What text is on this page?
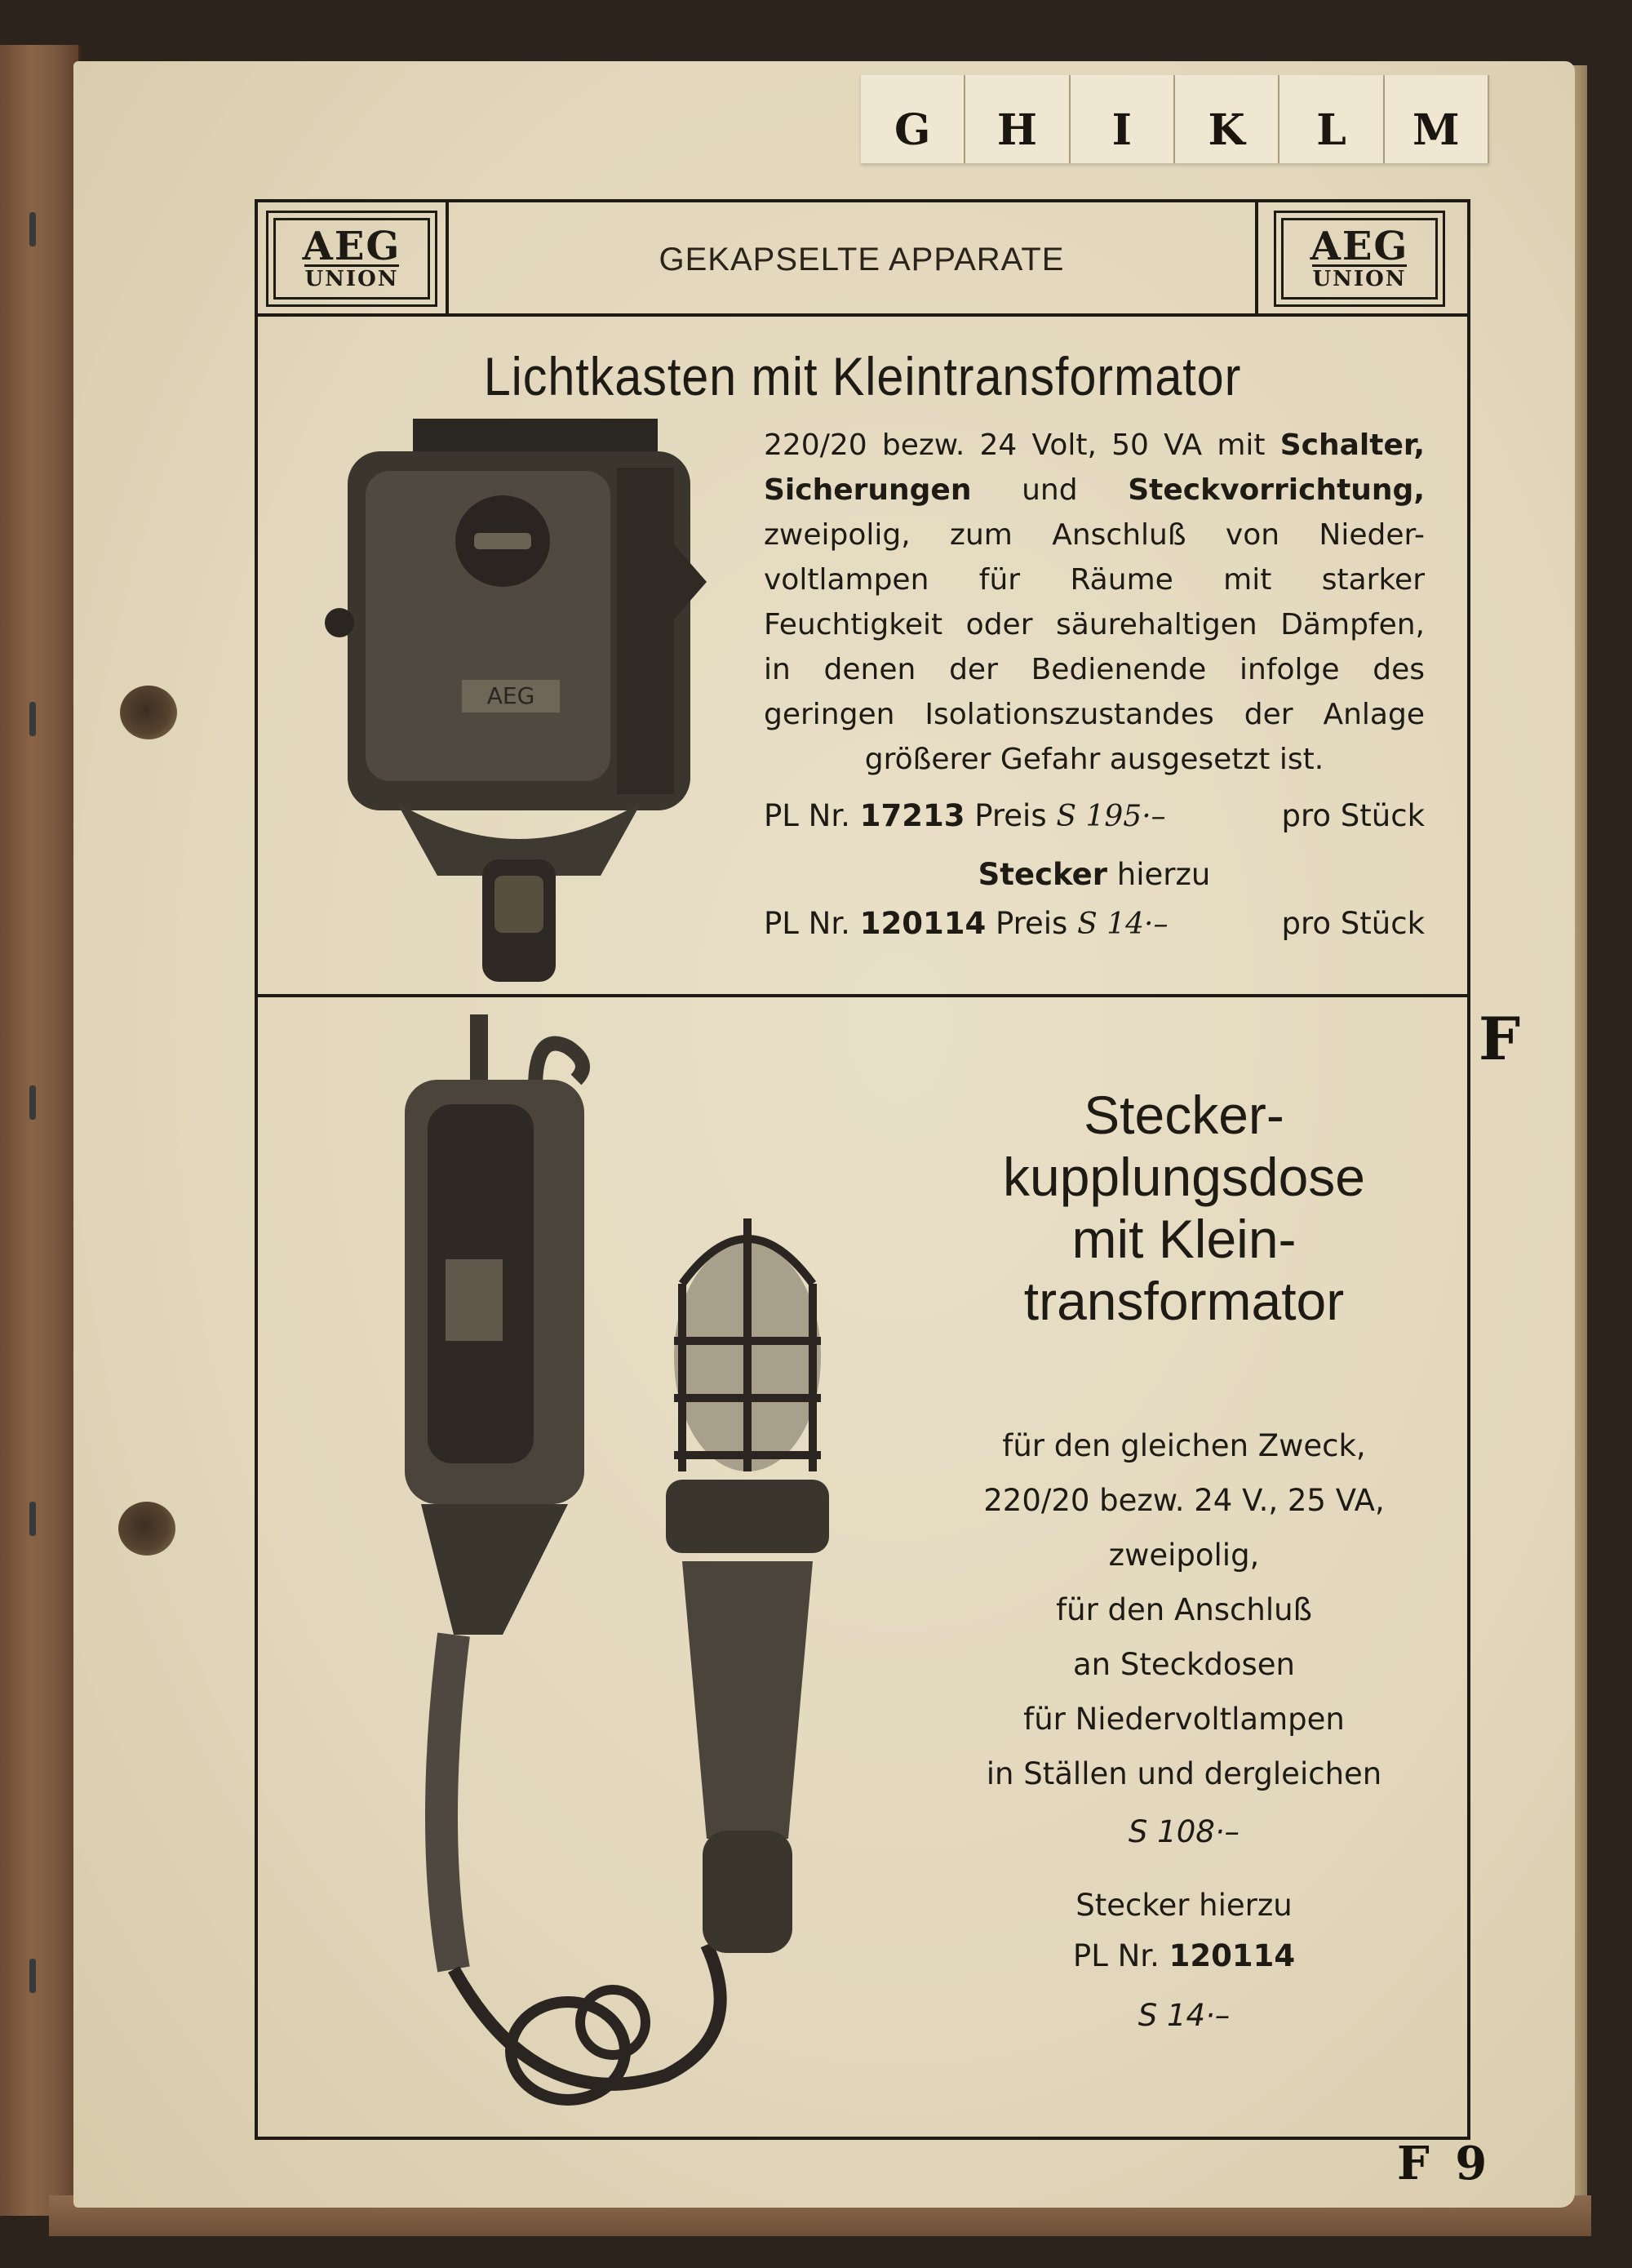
G	H	I	K	L	M
AEG
UNION
GEKAPSELTE APPARATE	AEG
UNION
Lichtkasten mit Kleintransformator
AEG
220/20 bezw. 24 Volt, 50 VA mit Schalter,
Sicherungen und Steckvorrichtung,
zweipolig, zum Anschluß von Nieder-
voltlampen für Räume mit starker
Feuchtigkeit oder säurehaltigen Dämpfen,
in denen der Bedienende infolge des
geringen Isolationszustandes der Anlage
größerer Gefahr ausgesetzt ist.
PL Nr. 17213 Preis S 195·–	pro Stück
Stecker hierzu
PL Nr. 120114 Preis S 14·–	pro Stück
Stecker-
kupplungsdose
mit Klein-
transformator
für den gleichen Zweck,
220/20 bezw. 24 V., 25 VA,
zweipolig,
für den Anschluß
an Steckdosen
für Niedervoltlampen
in Ställen und dergleichen
S 108·–
Stecker hierzu
PL Nr. 120114
S 14·–
F
F 9
